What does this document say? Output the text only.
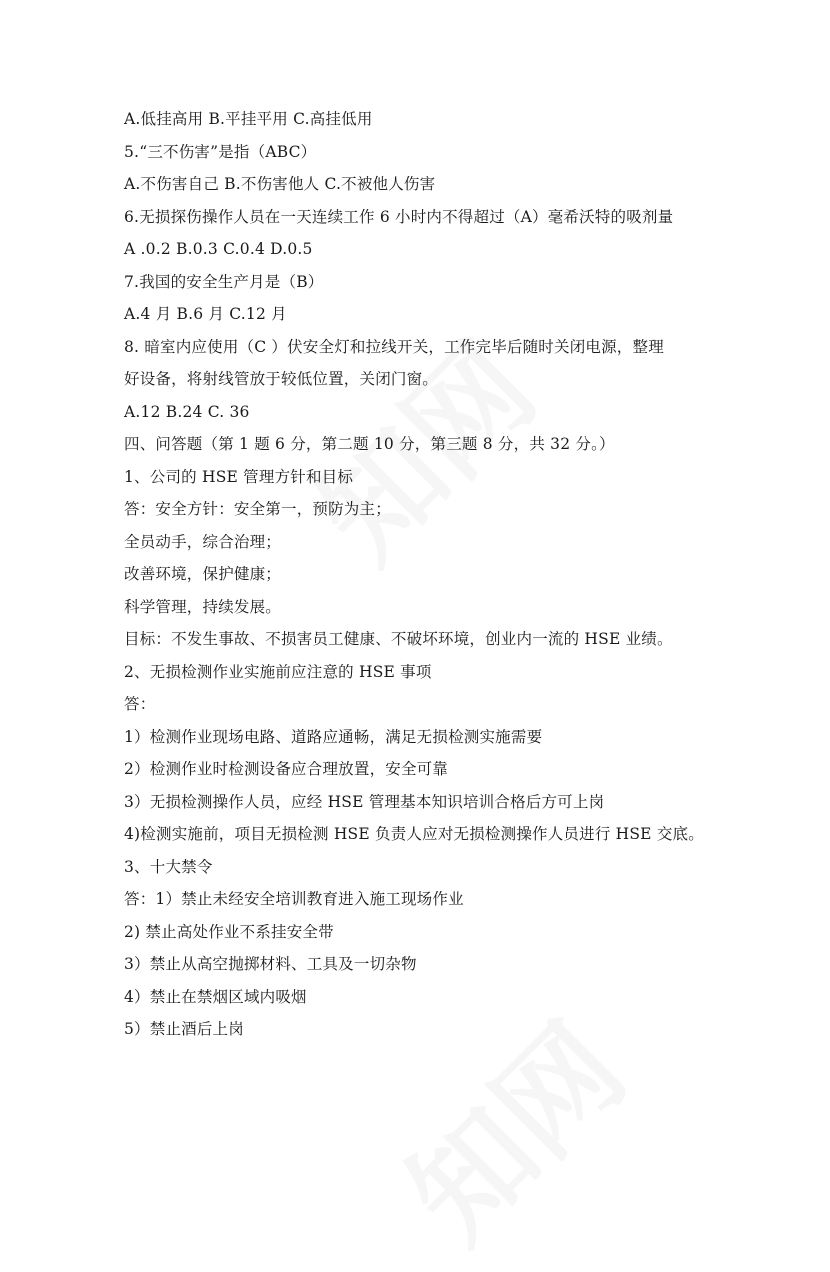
A.低挂高用 B.平挂平用 C.高挂低用
5.“三不伤害”是指（ABC）
A.不伤害自己 B.不伤害他人 C.不被他人伤害
6.无损探伤操作人员在一天连续工作 6 小时内不得超过（A）毫希沃特的吸剂量
A .0.2 B.0.3 C.0.4 D.0.5
7.我国的安全生产月是（B）
A.4 月 B.6 月 C.12 月
8. 暗室内应使用（C ）伏安全灯和拉线开关，工作完毕后随时关闭电源，整理
好设备，将射线管放于较低位置，关闭门窗。
A.12 B.24 C. 36
四、问答题（第 1 题 6 分，第二题 10 分，第三题 8 分，共 32 分。）
1、公司的 HSE 管理方针和目标
答：安全方针：安全第一，预防为主；
全员动手，综合治理；
改善环境，保护健康；
科学管理，持续发展。
目标：不发生事故、不损害员工健康、不破坏环境，创业内一流的 HSE 业绩。
2、无损检测作业实施前应注意的 HSE 事项
答：
1）检测作业现场电路、道路应通畅，满足无损检测实施需要
2）检测作业时检测设备应合理放置，安全可靠
3）无损检测操作人员，应经 HSE 管理基本知识培训合格后方可上岗
4)检测实施前，项目无损检测 HSE 负责人应对无损检测操作人员进行 HSE 交底。
3、十大禁令
答：1）禁止未经安全培训教育进入施工现场作业
2) 禁止高处作业不系挂安全带
3）禁止从高空抛掷材料、工具及一切杂物
4）禁止在禁烟区域内吸烟
5）禁止酒后上岗
